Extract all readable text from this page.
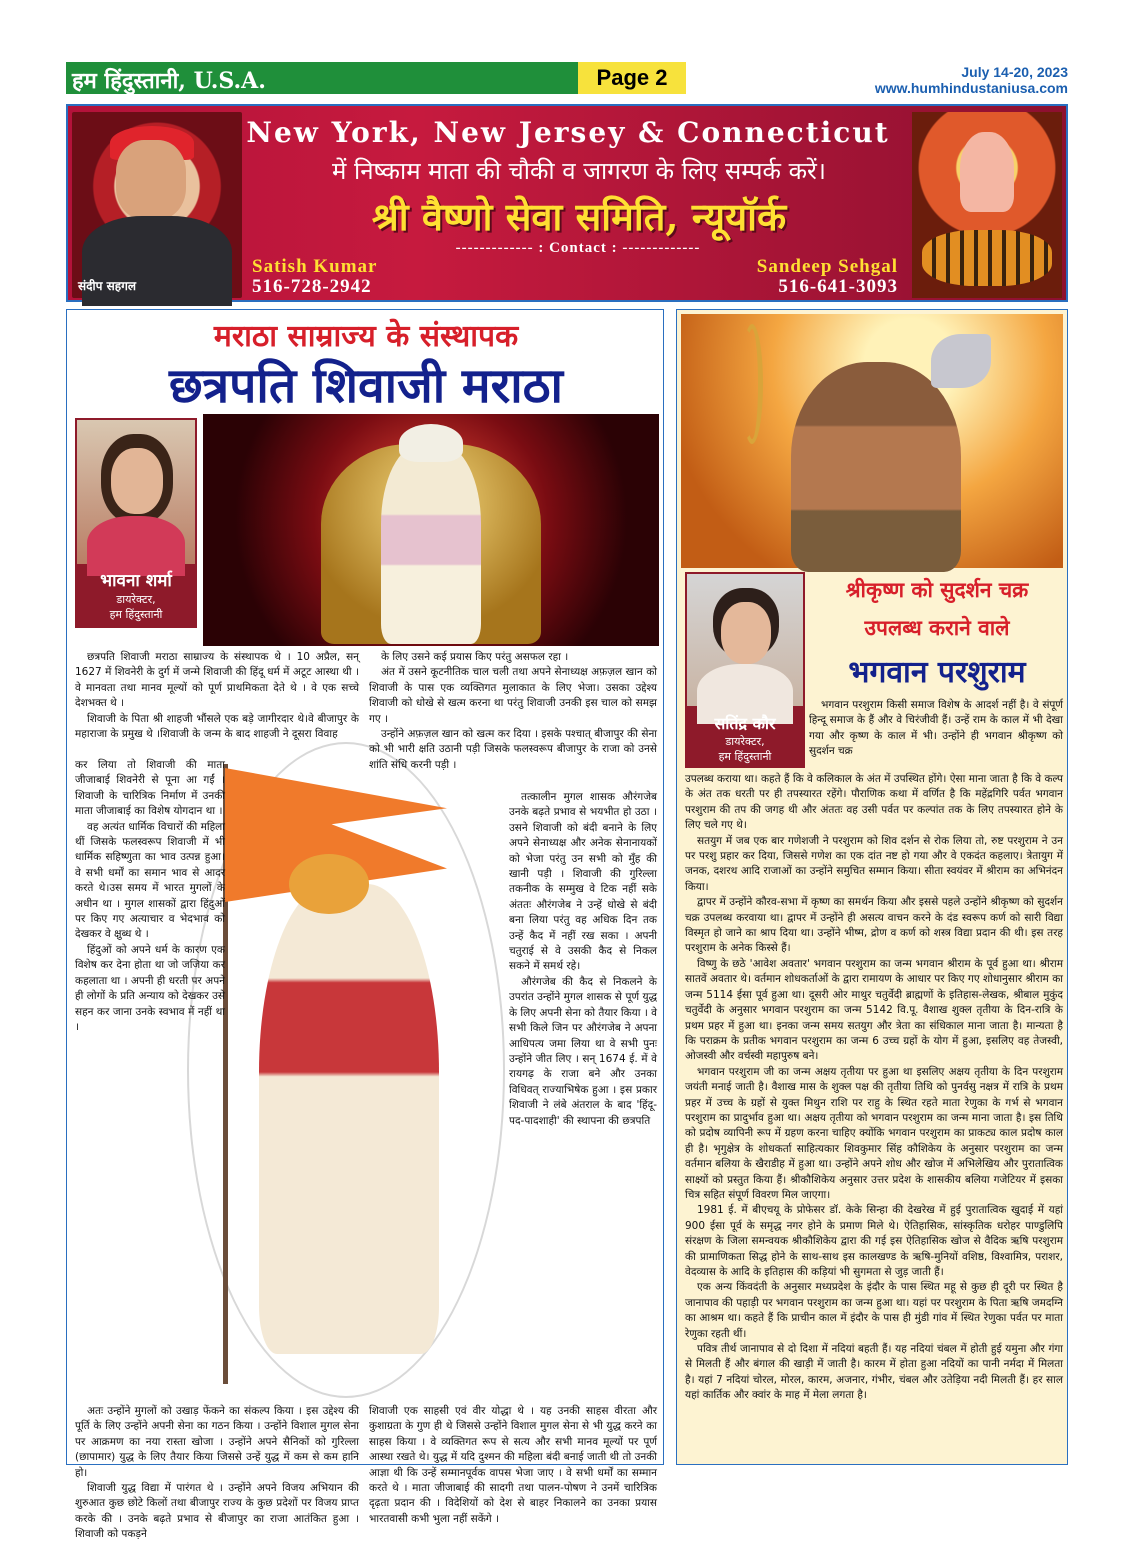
हम हिंदुस्तानी, U.S.A.	Page 2	July 14-20, 2023
www.humhindustaniusa.com
संदीप सहगल
New York, New Jersey & Connecticut
में निष्काम माता की चौकी व जागरण के लिए सम्पर्क करें।
श्री वैष्णो सेवा समिति, न्यूयॉर्क
------------- : Contact : -------------
Satish Kumar
516-728-2942
Sandeep Sehgal
516-641-3093
मराठा साम्राज्य के संस्थापक
छत्रपति शिवाजी मराठा
भावना शर्मा
डायरेक्टर,
हम हिंदुस्तानी

छत्रपति शिवाजी मराठा साम्राज्य के संस्थापक थे । 10 अप्रैल, सन् 1627 में शिवनेरी के दुर्ग में जन्मे शिवाजी की हिंदू धर्म में अटूट आस्था थी । वे मानवता तथा मानव मूल्यों को पूर्ण प्राथमिकता देते थे । वे एक सच्चे देशभक्त थे ।

शिवाजी के पिता श्री शाहजी भौंसले एक बड़े जागीरदार थे।वे बीजापुर के महाराजा के प्रमुख थे ।शिवाजी के जन्म के बाद शाहजी ने दूसरा विवाह

कर लिया तो शिवाजी की माता जीजाबाई शिवनेरी से पूना आ गईं । शिवाजी के चारित्रिक निर्माण में उनकी माता जीजाबाई का विशेष योगदान था ।

वह अत्यंत धार्मिक विचारों की महिला थीं जिसके फलस्वरूप शिवाजी में भी धार्मिक सहिष्णुता का भाव उत्पन्न हुआ।वे सभी धर्मों का समान भाव से आदर करते थे।उस समय में भारत मुगलों के अधीन था । मुगल शासकों द्वारा हिंदुओं पर किए गए अत्याचार व भेदभाव को देखकर वे क्षुब्ध थे ।

हिंदुओं को अपने धर्म के कारण एक विशेष कर देना होता था जो जजिया कर कहलाता था । अपनी ही धरती पर अपने ही लोगों के प्रति अन्याय को देखकर उसे सहन कर जाना उनके स्वभाव में नहीं था ।

अतः उन्होंने मुगलों को उखाड़ फेंकने का संकल्प किया । इस उद्देश्य की पूर्ति के लिए उन्होंने अपनी सेना का गठन किया । उन्होंने विशाल मुगल सेना पर आक्रमण का नया रास्ता खोजा । उन्होंने अपने सैनिकों को गुरिल्ला (छापामार) युद्ध के लिए तैयार किया जिससे उन्हें युद्ध में कम से कम हानि हो।

शिवाजी युद्ध विद्या में पारंगत थे । उन्होंने अपने विजय अभियान की शुरुआत कुछ छोटे किलों तथा बीजापुर राज्य के कुछ प्रदेशों पर विजय प्राप्त करके की । उनके बढ़ते प्रभाव से बीजापुर का राजा आतंकित हुआ । शिवाजी को पकड़ने

के लिए उसने कई प्रयास किए परंतु असफल रहा ।

अंत में उसने कूटनीतिक चाल चली तथा अपने सेनाध्यक्ष अफ़ज़ल खान को शिवाजी के पास एक व्यक्तिगत मुलाकात के लिए भेजा। उसका उद्देश्य शिवाजी को धोखे से खत्म करना था परंतु शिवाजी उनकी इस चाल को समझ गए ।

उन्होंने अफ़ज़ल खान को खत्म कर दिया । इसके पश्चात् बीजापुर की सेना को भी भारी क्षति उठानी पड़ी जिसके फलस्वरूप बीजापुर के राजा को उनसे शांति संधि करनी पड़ी ।

तत्कालीन मुगल शासक औरंगजेब उनके बढ़ते प्रभाव से भयभीत हो उठा । उसने शिवाजी को बंदी बनाने के लिए अपने सेनाध्यक्ष और अनेक सेनानायकों को भेजा परंतु उन सभी को मुँह की खानी पड़ी । शिवाजी की गुरिल्ला तकनीक के सम्मुख वे टिक नहीं सके अंततः औरंगजेब ने उन्हें धोखे से बंदी बना लिया परंतु वह अधिक दिन तक उन्हें कैद में नहीं रख सका । अपनी चतुराई से वे उसकी कैद से निकल सकने में समर्थ रहे।

औरंगजेब की कैद से निकलने के उपरांत उन्होंने मुगल शासक से पूर्ण युद्ध के लिए अपनी सेना को तैयार किया । वे सभी किले जिन पर औरंगजेब ने अपना आधिपत्य जमा लिया था वे सभी पुनः उन्होंने जीत लिए । सन् 1674 ई. में वे रायगढ़ के राजा बने और उनका विधिवत् राज्याभिषेक हुआ । इस प्रकार शिवाजी ने लंबे अंतराल के बाद 'हिंदू-पद-पादशाही' की स्थापना की छत्रपति

शिवाजी एक साहसी एवं वीर योद्धा थे । यह उनकी साहस वीरता और कुशाग्रता के गुण ही थे जिससे उन्होंने विशाल मुगल सेना से भी युद्ध करने का साहस किया । वे व्यक्तिगत रूप से सत्य और सभी मानव मूल्यों पर पूर्ण आस्था रखते थे। युद्ध में यदि दुश्मन की महिला बंदी बनाई जाती थी तो उनकी आज्ञा थी कि उन्हें सम्मानपूर्वक वापस भेजा जाए । वे सभी धर्मों का सम्मान करते थे । माता जीजाबाई की सादगी तथा पालन-पोषण ने उनमें चारित्रिक दृढ़ता प्रदान की । विदेशियों को देश से बाहर निकालने का उनका प्रयास भारतवासी कभी भुला नहीं सकेंगे ।

सतिंद्र कौर
डायरेक्टर,
हम हिंदुस्तानी
श्रीकृष्ण को सुदर्शन चक्र
उपलब्ध कराने वाले
भगवान परशुराम

भगवान परशुराम किसी समाज विशेष के आदर्श नहीं है। वे संपूर्ण हिन्दू समाज के हैं और वे चिरंजीवी हैं। उन्हें राम के काल में भी देखा गया और कृष्ण के काल में भी। उन्होंने ही भगवान श्रीकृष्ण को सुदर्शन चक्र

उपलब्ध कराया था। कहते हैं कि वे कलिकाल के अंत में उपस्थित होंगे। ऐसा माना जाता है कि वे कल्प के अंत तक धरती पर ही तपस्यारत रहेंगे। पौराणिक कथा में वर्णित है कि महेंद्रगिरि पर्वत भगवान परशुराम की तप की जगह थी और अंततः वह उसी पर्वत पर कल्पांत तक के लिए तपस्यारत होने के लिए चले गए थे।

सतयुग में जब एक बार गणेशजी ने परशुराम को शिव दर्शन से रोक लिया तो, रुष्ट परशुराम ने उन पर परशु प्रहार कर दिया, जिससे गणेश का एक दांत नष्ट हो गया और वे एकदंत कहलाए। त्रेतायुग में जनक, दशरथ आदि राजाओं का उन्होंने समुचित सम्मान किया। सीता स्वयंवर में श्रीराम का अभिनंदन किया।

द्वापर में उन्होंने कौरव-सभा में कृष्ण का समर्थन किया और इससे पहले उन्होंने श्रीकृष्ण को सुदर्शन चक्र उपलब्ध करवाया था। द्वापर में उन्होंने ही असत्य वाचन करने के दंड स्वरूप कर्ण को सारी विद्या विस्मृत हो जाने का श्राप दिया था। उन्होंने भीष्म, द्रोण व कर्ण को शस्त्र विद्या प्रदान की थी। इस तरह परशुराम के अनेक किस्से हैं।

विष्णु के छठे 'आवेश अवतार' भगवान परशुराम का जन्म भगवान श्रीराम के पूर्व हुआ था। श्रीराम सातवें अवतार थे। वर्तमान शोधकर्ताओं के द्वारा रामायण के आधार पर किए गए शोधानुसार श्रीराम का जन्म 5114 ईसा पूर्व हुआ था। दूसरी ओर माथुर चतुर्वेदी ब्राह्मणों के इतिहास-लेखक, श्रीबाल मुकुंद चतुर्वेदी के अनुसार भगवान परशुराम का जन्म 5142 वि.पू. वैशाख शुक्ल तृतीया के दिन-रात्रि के प्रथम प्रहर में हुआ था। इनका जन्म समय सतयुग और त्रेता का संधिकाल माना जाता है। मान्यता है कि पराक्रम के प्रतीक भगवान परशुराम का जन्म 6 उच्च ग्रहों के योग में हुआ, इसलिए वह तेजस्वी, ओजस्वी और वर्चस्वी महापुरुष बने।

भगवान परशुराम जी का जन्म अक्षय तृतीया पर हुआ था इसलिए अक्षय तृतीया के दिन परशुराम जयंती मनाई जाती है। वैशाख मास के शुक्ल पक्ष की तृतीया तिथि को पुनर्वसु नक्षत्र में रात्रि के प्रथम प्रहर में उच्च के ग्रहों से युक्त मिथुन राशि पर राहु के स्थित रहते माता रेणुका के गर्भ से भगवान परशुराम का प्रादुर्भाव हुआ था। अक्षय तृतीया को भगवान परशुराम का जन्म माना जाता है। इस तिथि को प्रदोष व्यापिनी रूप में ग्रहण करना चाहिए क्योंकि भगवान परशुराम का प्राकट्य काल प्रदोष काल ही है। भृगुक्षेत्र के शोधकर्ता साहित्यकार शिवकुमार सिंह कौशिकेय के अनुसार परशुराम का जन्म वर्तमान बलिया के खैराडीह में हुआ था। उन्होंने अपने शोध और खोज में अभिलेखिय और पुरातात्विक साक्ष्यों को प्रस्तुत किया हैं। श्रीकौशिकेय अनुसार उत्तर प्रदेश के शासकीय बलिया गजेटियर में इसका चित्र सहित संपूर्ण विवरण मिल जाएगा।

1981 ई. में बीएचयू के प्रोफेसर डॉ. केके सिन्हा की देखरेख में हुई पुरातात्विक खुदाई में यहां 900 ईसा पूर्व के समृद्ध नगर होने के प्रमाण मिले थे। ऐतिहासिक, सांस्कृतिक धरोहर पाण्डुलिपि संरक्षण के जिला समन्वयक श्रीकौशिकेय द्वारा की गई इस ऐतिहासिक खोज से वैदिक ऋषि परशुराम की प्रामाणिकता सिद्ध होने के साथ-साथ इस कालखण्ड के ऋषि-मुनियों वशिष्ठ, विश्वामित्र, पराशर, वेदव्यास के आदि के इतिहास की कड़ियां भी सुगमता से जुड़ जाती हैं।

एक अन्य किंवदंती के अनुसार मध्यप्रदेश के इंदौर के पास स्थित महू से कुछ ही दूरी पर स्थित है जानापाव की पहाड़ी पर भगवान परशुराम का जन्म हुआ था। यहां पर परशुराम के पिता ऋषि जमदग्नि का आश्रम था। कहते हैं कि प्राचीन काल में इंदौर के पास ही मुंडी गांव में स्थित रेणुका पर्वत पर माता रेणुका रहती थीं।

पवित्र तीर्थ जानापाव से दो दिशा में नदियां बहती हैं। यह नदियां चंबल में होती हुई यमुना और गंगा से मिलती हैं और बंगाल की खाड़ी में जाती है। कारम में होता हुआ नदियों का पानी नर्मदा में मिलता है। यहां 7 नदियां चोरल, मोरल, कारम, अजनार, गंभीर, चंबल और उतेड़िया नदी मिलती हैं। हर साल यहां कार्तिक और क्वांर के माह में मेला लगता है।
